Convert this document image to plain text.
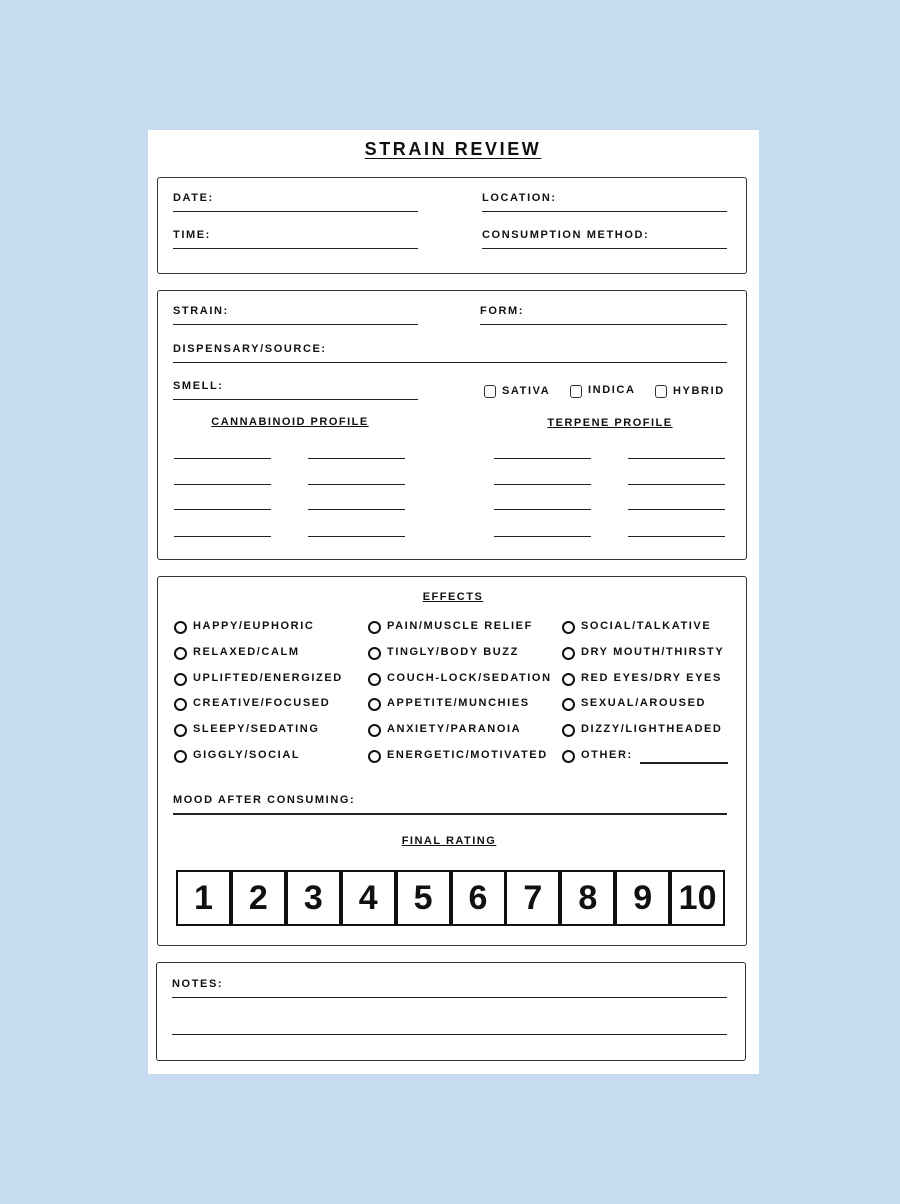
STRAIN REVIEW
DATE:
TIME:
LOCATION:
CONSUMPTION METHOD:
STRAIN:	FORM:
DISPENSARY/SOURCE:
SMELL:	SATIVA	INDICA	HYBRID
CANNABINOID PROFILE	TERPENE PROFILE
EFFECTS
HAPPY/EUPHORIC
RELAXED/CALM
UPLIFTED/ENERGIZED
CREATIVE/FOCUSED
SLEEPY/SEDATING
GIGGLY/SOCIAL
PAIN/MUSCLE RELIEF
TINGLY/BODY BUZZ
COUCH-LOCK/SEDATION
APPETITE/MUNCHIES
ANXIETY/PARANOIA
ENERGETIC/MOTIVATED
SOCIAL/TALKATIVE
DRY MOUTH/THIRSTY
RED EYES/DRY EYES
SEXUAL/AROUSED
DIZZY/LIGHTHEADED
OTHER:
MOOD AFTER CONSUMING:
FINAL RATING
1	2	3	4	5	6	7	8	9 10
NOTES:
